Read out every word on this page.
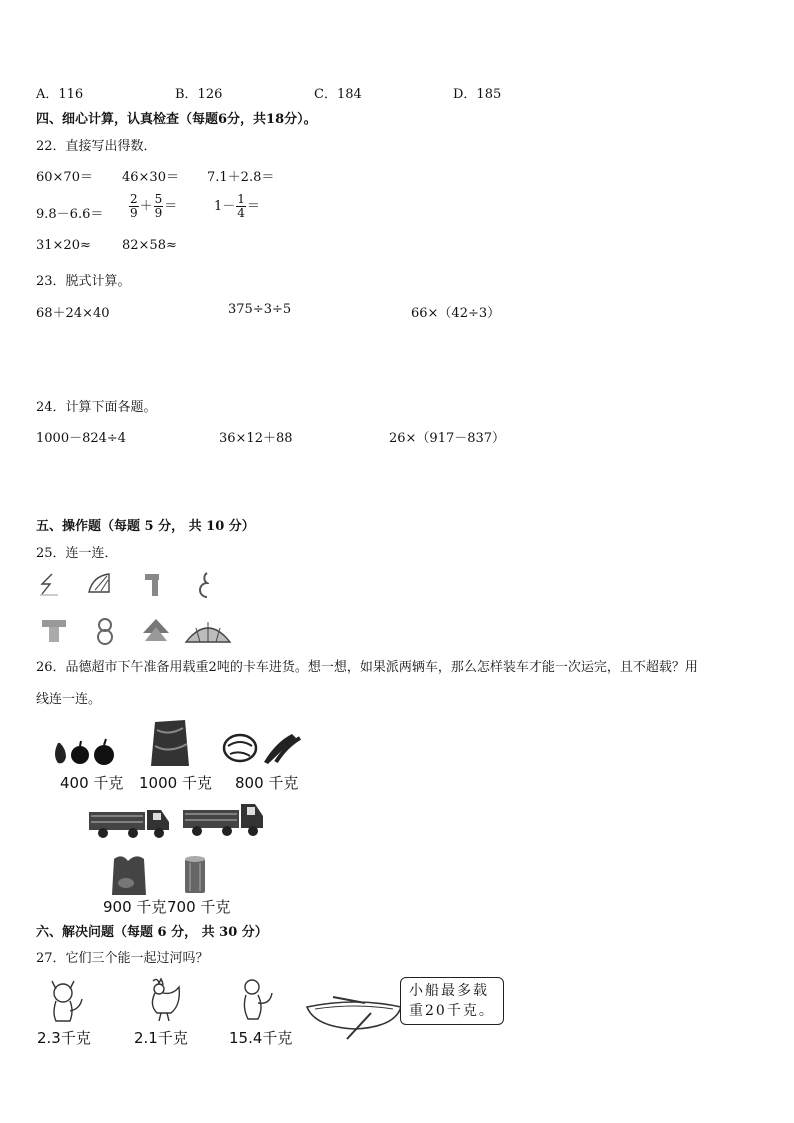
A．116	B．126	C．184	D．185
四、细心计算，认真检查（每题6分，共18分）。
22．直接写出得数．
60×70＝ 46×30＝ 7.1＋2.8＝
$9.8-6.6= \frac{2}{9} + \frac{5}{9}$ ＝	$1- \frac{1}{4}$ ＝
31×20≈ 82×58≈
23．脱式计算。
68＋24×40	375÷3÷5	66×（42÷3）
24．计算下面各题。
1000－824÷4	36×12＋88	26×（917－837）
五、操作题（每题 5 分， 共 10 分）
25．连一连．
26．品德超市下午准备用载重2吨的卡车进货。想一想，如果派两辆车，那么怎样装车才能一次运完，且不超载？用
线连一连。
400 千克 1000 千克 800 千克
900 千克 700 千克
六、解决问题（每题 6 分， 共 30 分）
27．它们三个能一起过河吗？
2.3千克	2.1千克	15.4千克
小船最多载
重20千克。
